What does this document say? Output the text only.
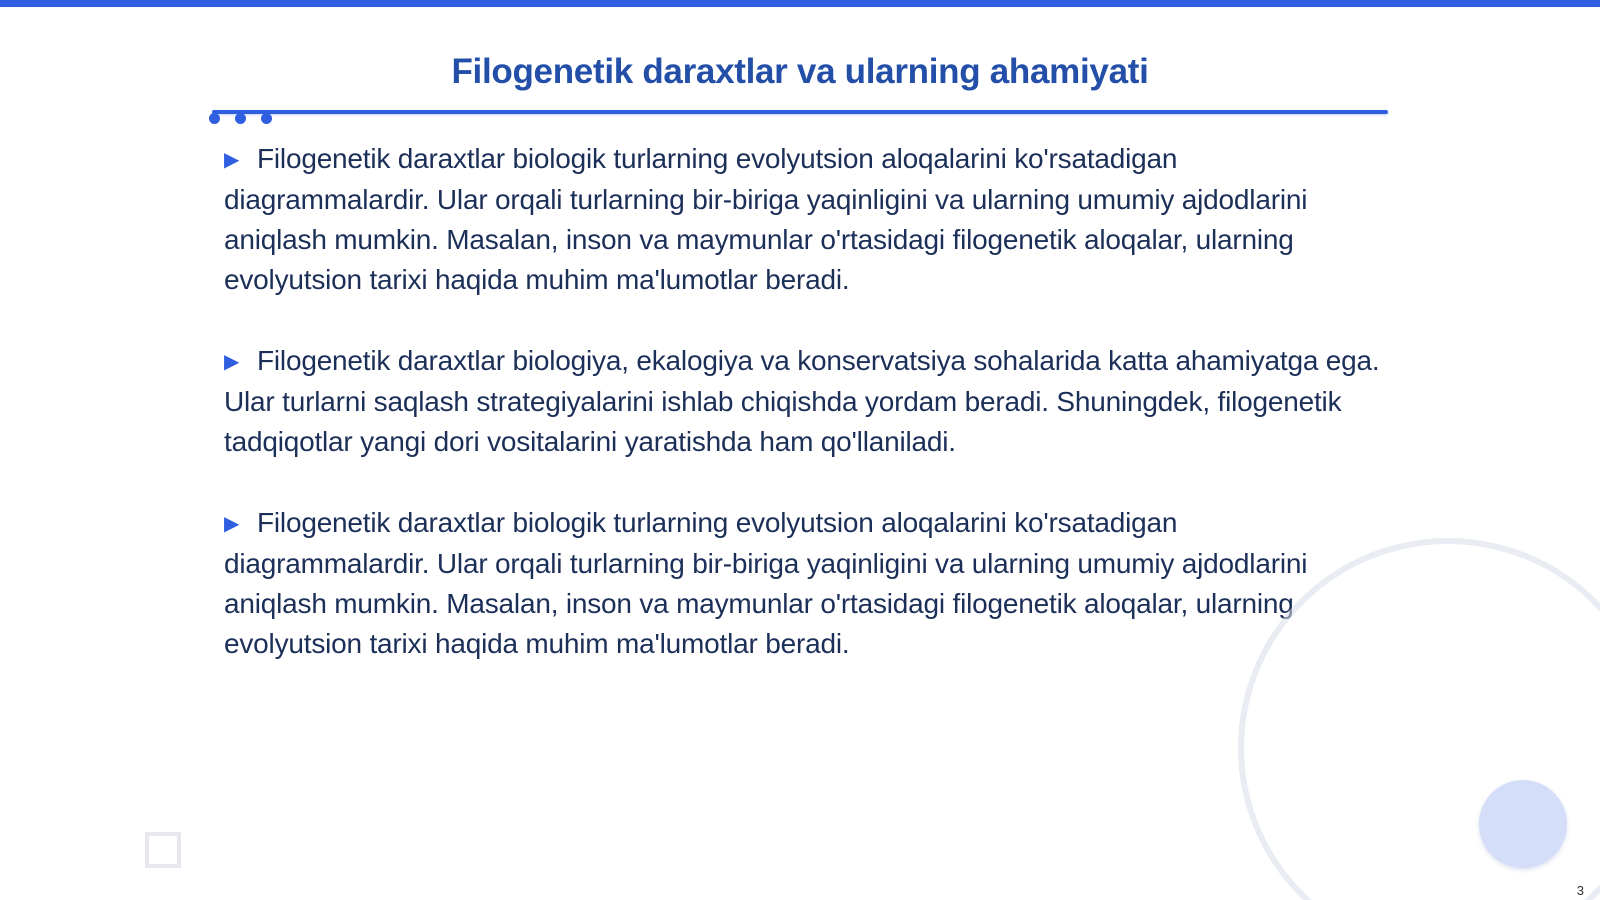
Filogenetik daraxtlar va ularning ahamiyati

▶ Filogenetik daraxtlar biologik turlarning evolyutsion aloqalarini ko'rsatadigan diagrammalardir. Ular orqali turlarning bir-biriga yaqinligini va ularning umumiy ajdodlarini aniqlash mumkin. Masalan, inson va maymunlar o'rtasidagi filogenetik aloqalar, ularning evolyutsion tarixi haqida muhim ma'lumotlar beradi.

▶ Filogenetik daraxtlar biologiya, ekalogiya va konservatsiya sohalarida katta ahamiyatga ega. Ular turlarni saqlash strategiyalarini ishlab chiqishda yordam beradi. Shuningdek, filogenetik tadqiqotlar yangi dori vositalarini yaratishda ham qo'llaniladi.

▶ Filogenetik daraxtlar biologik turlarning evolyutsion aloqalarini ko'rsatadigan diagrammalardir. Ular orqali turlarning bir-biriga yaqinligini va ularning umumiy ajdodlarini aniqlash mumkin. Masalan, inson va maymunlar o'rtasidagi filogenetik aloqalar, ularning evolyutsion tarixi haqida muhim ma'lumotlar beradi.

3
